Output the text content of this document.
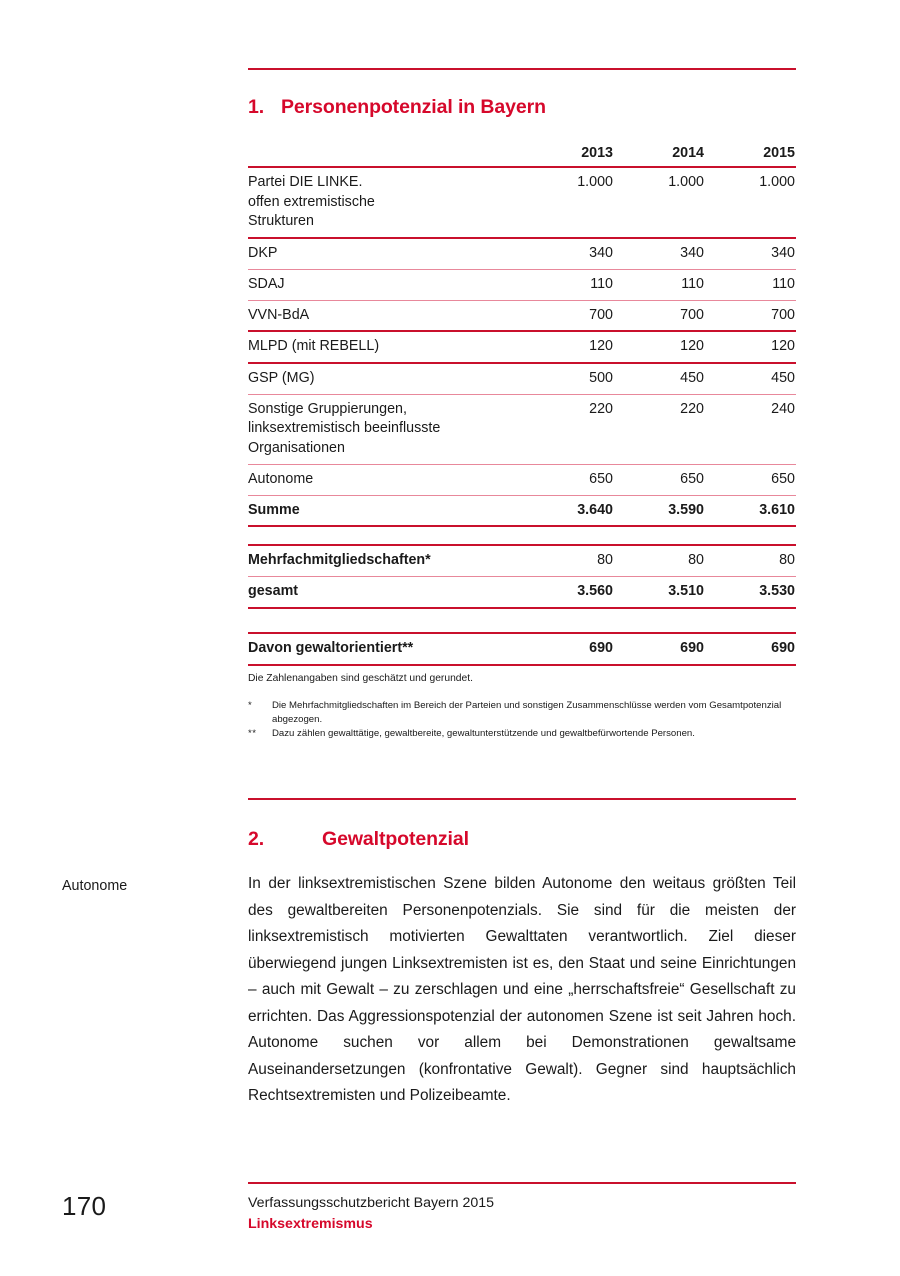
1. Personenpotenzial in Bayern
	2013	2014	2015
Partei DIE LINKE.
offen extremistische
Strukturen	1.000	1.000	1.000
DKP	340	340	340
SDAJ	110	110	110
VVN-BdA	700	700	700
MLPD (mit REBELL)	120	120	120
GSP (MG)	500	450	450
Sonstige Gruppierungen,
linksextremistisch beeinflusste
Organisationen	220	220	240
Autonome	650	650	650
Summe	3.640	3.590	3.610

Mehrfachmitgliedschaften*	80	80	80
gesamt	3.560	3.510	3.530

Davon gewaltorientiert**	690	690	690
Die Zahlenangaben sind geschätzt und gerundet.
*	Die Mehrfachmitgliedschaften im Bereich der Parteien und sonstigen Zusammenschlüsse werden vom Gesamtpotenzial abgezogen.
**	Dazu zählen gewalttätige, gewaltbereite, gewaltunterstützende und gewaltbefürwortende Personen.
2.	Gewaltpotenzial
In der linksextremistischen Szene bilden Autonome den weitaus größten Teil des gewaltbereiten Personenpotenzials. Sie sind für die meisten der linksextremistisch motivierten Gewalttaten verantwortlich. Ziel dieser überwiegend jungen Linksextremisten ist es, den Staat und seine Einrichtungen – auch mit Gewalt – zu zerschlagen und eine „herrschaftsfreie“ Gesellschaft zu errichten. Das Aggressionspotenzial der autonomen Szene ist seit Jahren hoch. Autonome suchen vor allem bei Demonstrationen gewaltsame Auseinandersetzungen (konfrontative Gewalt). Gegner sind hauptsächlich Rechtsextremisten und Polizeibeamte.
Autonome
170	Verfassungsschutzbericht Bayern 2015
Linksextremismus
